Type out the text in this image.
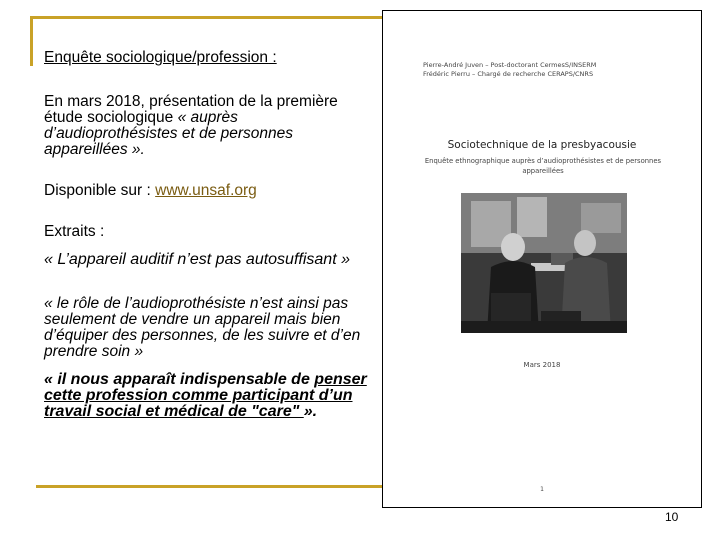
Enquête sociologique/profession :
En mars 2018, présentation de la première étude sociologique « auprès d’audioprothésistes et de personnes appareillées ».
Disponible sur : www.unsaf.org
Extraits :
« L’appareil auditif n’est pas autosuffisant »
« le rôle de l’audioprothésiste n’est ainsi pas seulement de vendre un appareil mais bien d’équiper des personnes, de les suivre et d’en prendre soin »
« il nous apparaît indispensable de penser cette profession comme participant d’un travail social et médical de "care" ».
Pierre-André Juven – Post-doctorant CermesS/INSERM
Frédéric Pierru – Chargé de recherche CERAPS/CNRS
Sociotechnique de la presbyacousie
Enquête ethnographique auprès d’audioprothésistes et de personnes appareillées
Mars 2018
1
10
